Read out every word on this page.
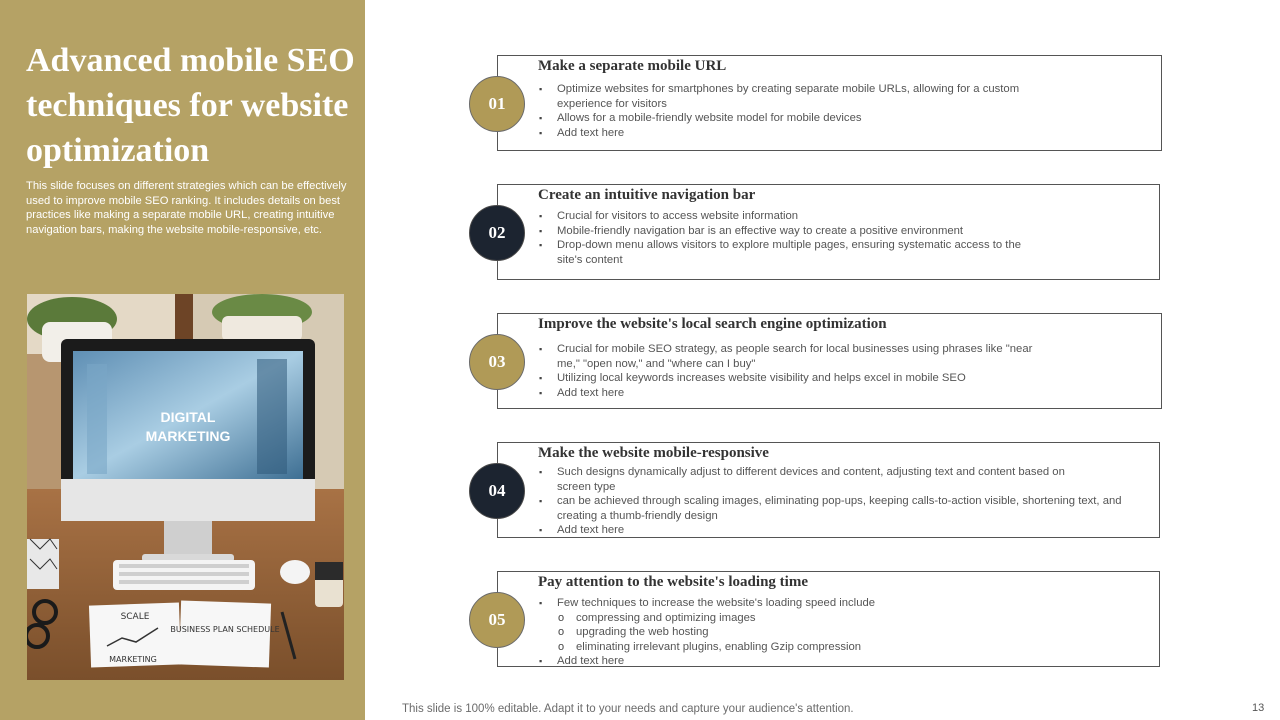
Advanced mobile SEO techniques for website optimization

This slide focuses on different strategies which can be effectively used to improve mobile SEO ranking. It includes details on best practices like making a separate mobile URL, creating intuitive navigation bars, making the website mobile-responsive, etc.

DIGITAL
MARKETING
SCALE
MARKETING
BUSINESS PLAN SCHEDULE
Make a separate mobile URL
▪ Optimize websites for smartphones by creating separate mobile URLs, allowing for a custom experience for visitors
▪ Allows for a mobile-friendly website model for mobile devices
▪ Add text here
01
Create an intuitive navigation bar
▪ Crucial for visitors to access website information
▪ Mobile-friendly navigation bar is an effective way to create a positive environment
▪ Drop-down menu allows visitors to explore multiple pages, ensuring systematic access to the site's content
02
Improve the website's local search engine optimization
▪ Crucial for mobile SEO strategy, as people search for local businesses using phrases like "near me," "open now," and "where can I buy"
▪ Utilizing local keywords increases website visibility and helps excel in mobile SEO
▪ Add text here
03
Make the website mobile-responsive
▪ Such designs dynamically adjust to different devices and content, adjusting text and content based on screen type
▪ can be achieved through scaling images, eliminating pop-ups, keeping calls-to-action visible, shortening text, and creating a thumb-friendly design
▪ Add text here
04
Pay attention to the website's loading time
▪ Few techniques to increase the website's loading speed include
o compressing and optimizing images
o upgrading the web hosting
o eliminating irrelevant plugins, enabling Gzip compression
▪ Add text here
05

This slide is 100% editable. Adapt it to your needs and capture your audience's attention.	13
